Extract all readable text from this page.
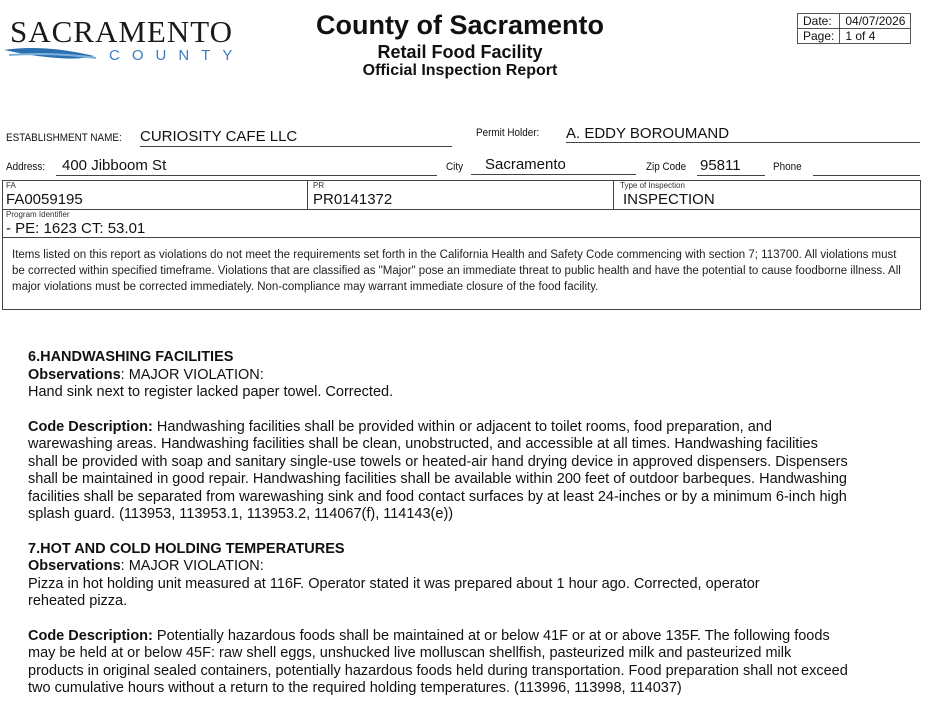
SACRAMENTO
COUNTY
County of Sacramento
Retail Food Facility
Official Inspection Report
Date:	04/07/2026
Page:	1 of 4
ESTABLISHMENT NAME: CURIOSITY CAFE LLC	Permit Holder: A. EDDY BOROUMAND
Address:	400 Jibboom St	City	Sacramento	Zip Code 95811	Phone
FA
FA0059195
PR
PR0141372
Type of Inspection
INSPECTION
Program Identifier
- PE: 1623 CT: 53.01
Items listed on this report as violations do not meet the requirements set forth in the California Health and Safety Code commencing with section 7; 113700. All violations must be corrected within specified timeframe. Violations that are classified as "Major" pose an immediate threat to public health and have the potential to cause foodborne illness. All major violations must be corrected immediately. Non-compliance may warrant immediate closure of the food facility.
6.HANDWASHING FACILITIES
Observations: MAJOR VIOLATION:
Hand sink next to register lacked paper towel. Corrected.
Code Description: Handwashing facilities shall be provided within or adjacent to toilet rooms, food preparation, and warewashing areas. Handwashing facilities shall be clean, unobstructed, and accessible at all times. Handwashing facilities shall be provided with soap and sanitary single-use towels or heated-air hand drying device in approved dispensers. Dispensers shall be maintained in good repair. Handwashing facilities shall be available within 200 feet of outdoor barbeques. Handwashing facilities shall be separated from warewashing sink and food contact surfaces by at least 24-inches or by a minimum 6-inch high splash guard. (113953, 113953.1, 113953.2, 114067(f), 114143(e))
7.HOT AND COLD HOLDING TEMPERATURES
Observations: MAJOR VIOLATION:
Pizza in hot holding unit measured at 116F. Operator stated it was prepared about 1 hour ago. Corrected, operator reheated pizza.
Code Description: Potentially hazardous foods shall be maintained at or below 41F or at or above 135F. The following foods may be held at or below 45F: raw shell eggs, unshucked live molluscan shellfish, pasteurized milk and pasteurized milk products in original sealed containers, potentially hazardous foods held during transportation. Food preparation shall not exceed two cumulative hours without a return to the required holding temperatures. (113996, 113998, 114037)
